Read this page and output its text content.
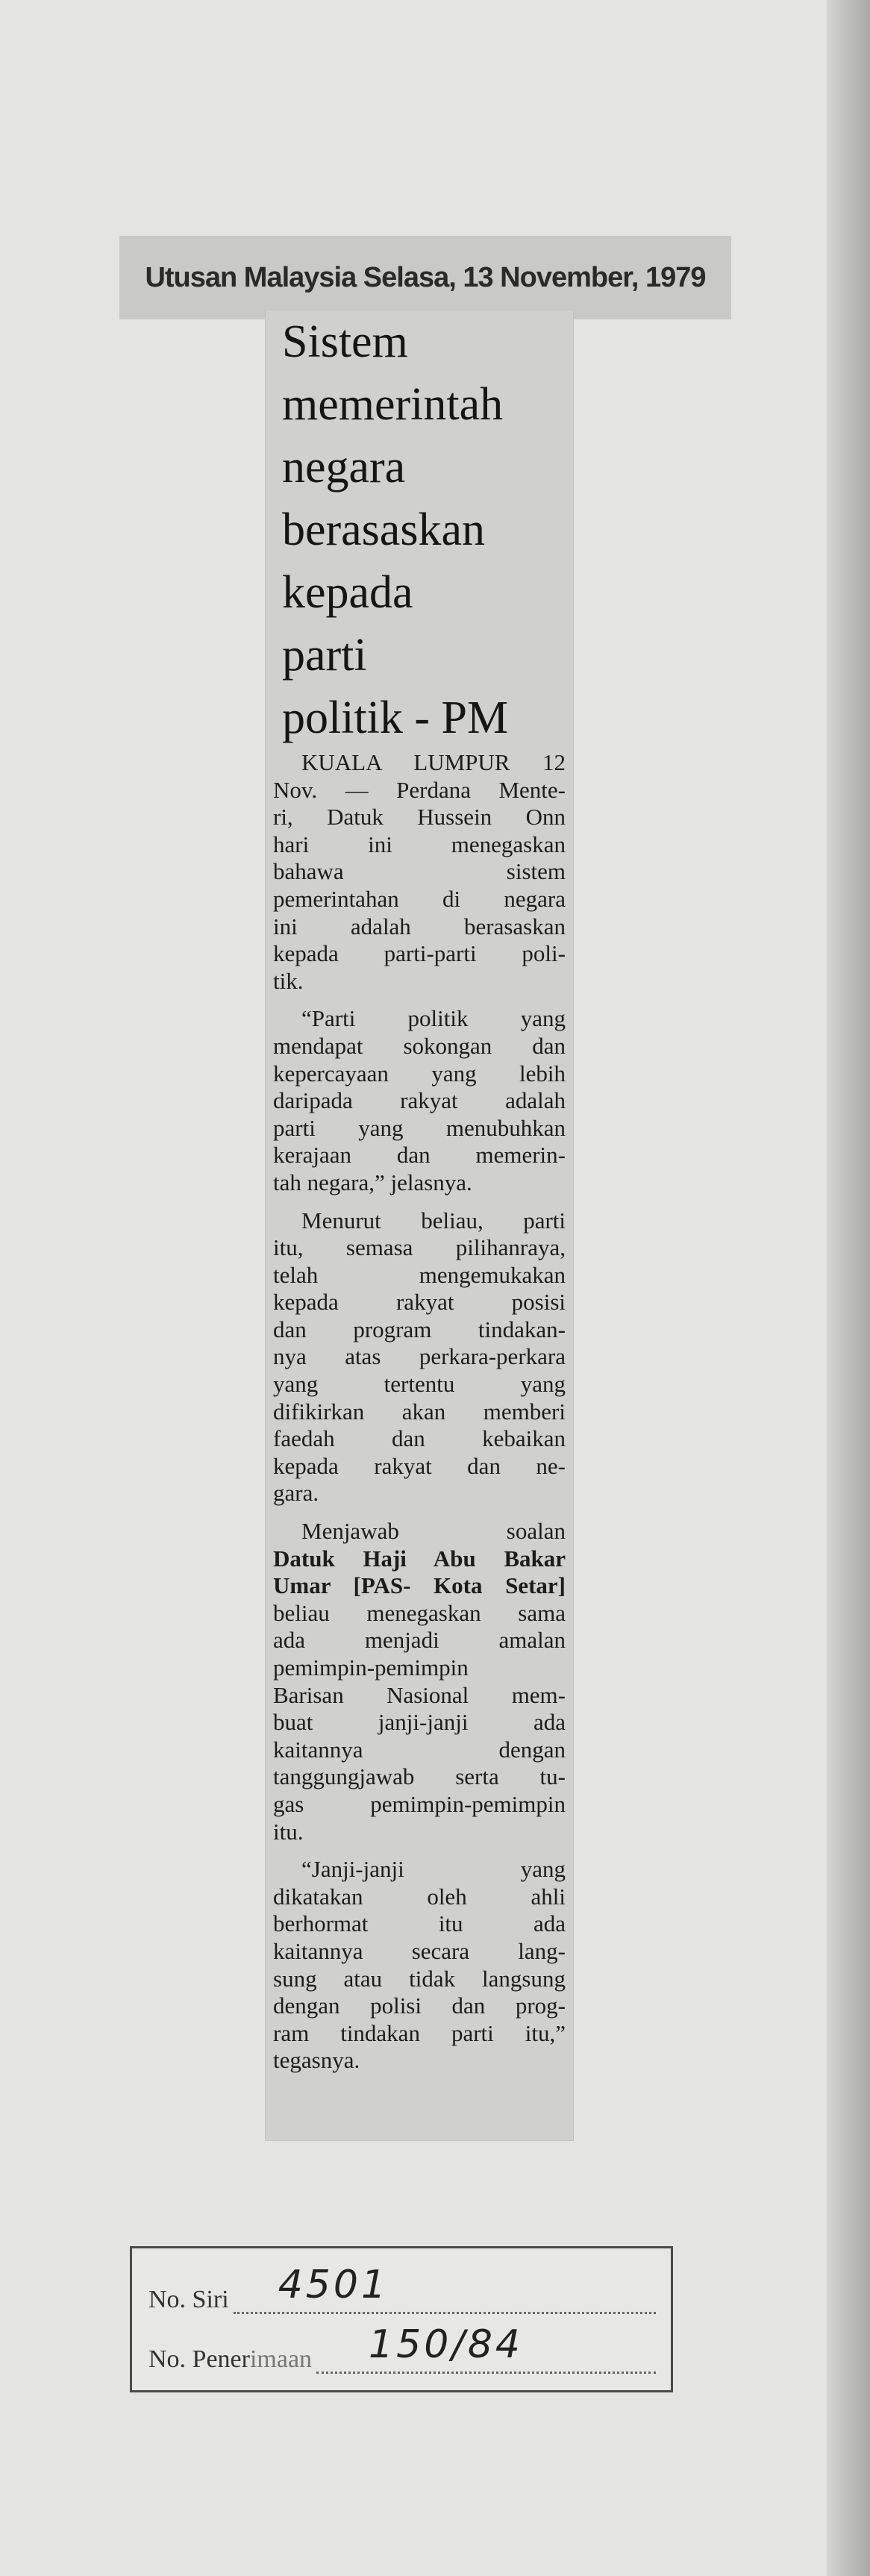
Utusan Malaysia Selasa, 13 November, 1979
Sistem
memerintah
negara
berasaskan
kepada
parti
politik - PM

KUALA LUMPUR 12
Nov. — Perdana Mente-
ri, Datuk Hussein Onn
hari ini menegaskan
bahawa sistem
pemerintahan di negara
ini adalah berasaskan
kepada parti-parti poli-
tik.

“Parti politik yang
mendapat sokongan dan
kepercayaan yang lebih
daripada rakyat adalah
parti yang menubuhkan
kerajaan dan memerin-
tah negara,” jelasnya.

Menurut beliau, parti
itu, semasa pilihanraya,
telah mengemukakan
kepada rakyat posisi
dan program tindakan-
nya atas perkara-perkara
yang tertentu yang
difikirkan akan memberi
faedah dan kebaikan
kepada rakyat dan ne-
gara.

Menjawab soalan
Datuk Haji Abu Bakar
Umar [PAS- Kota Setar]
beliau menegaskan sama
ada menjadi amalan
pemimpin-pemimpin
Barisan Nasional mem-
buat janji-janji ada
kaitannya dengan
tanggungjawab serta tu-
gas pemimpin-pemimpin
itu.

“Janji-janji yang
dikatakan oleh ahli
berhormat itu ada
kaitannya secara lang-
sung atau tidak langsung
dengan polisi dan prog-
ram tindakan parti itu,”
tegasnya.

No. Siri 4501
No. Penerimaan 150/84
